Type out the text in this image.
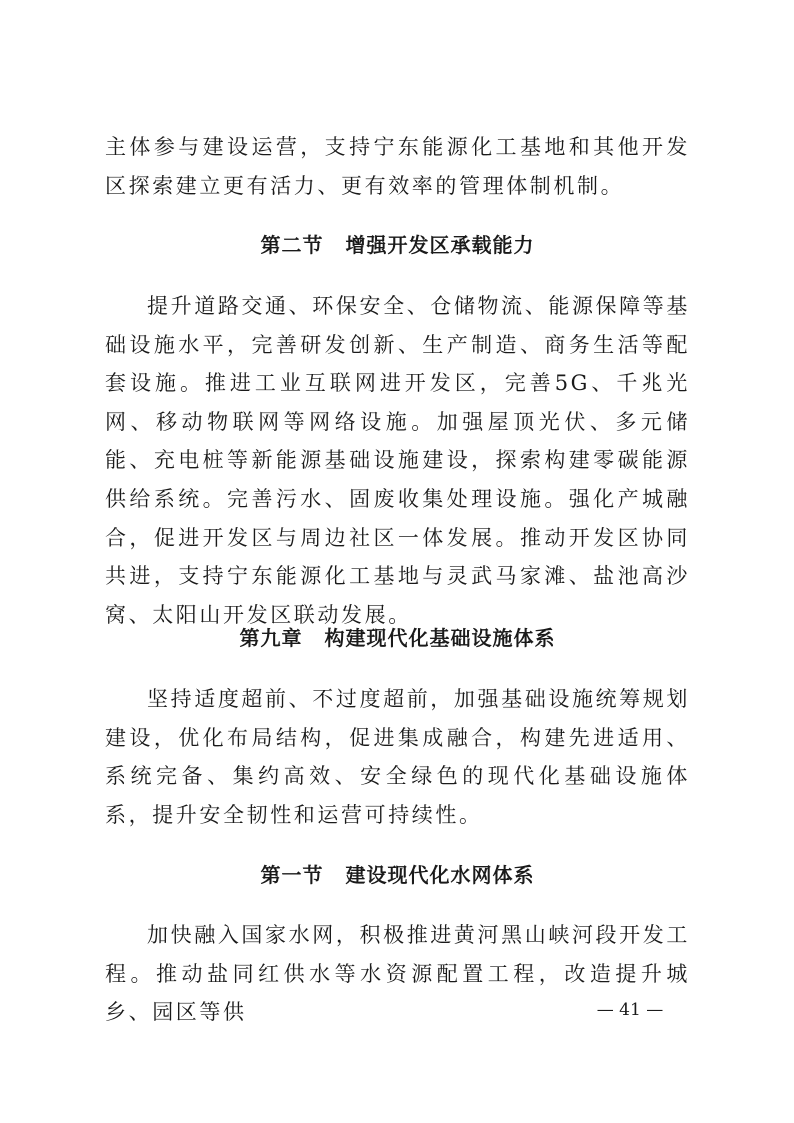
主体参与建设运营，支持宁东能源化工基地和其他开发区探索建立更有活力、更有效率的管理体制机制。

第二节 增强开发区承载能力

提升道路交通、环保安全、仓储物流、能源保障等基础设施水平，完善研发创新、生产制造、商务生活等配套设施。推进工业互联网进开发区，完善5G、千兆光网、移动物联网等网络设施。加强屋顶光伏、多元储能、充电桩等新能源基础设施建设，探索构建零碳能源供给系统。完善污水、固废收集处理设施。强化产城融合，促进开发区与周边社区一体发展。推动开发区协同共进，支持宁东能源化工基地与灵武马家滩、盐池高沙窝、太阳山开发区联动发展。

第九章 构建现代化基础设施体系

坚持适度超前、不过度超前，加强基础设施统筹规划建设，优化布局结构，促进集成融合，构建先进适用、系统完备、集约高效、安全绿色的现代化基础设施体系，提升安全韧性和运营可持续性。

第一节 建设现代化水网体系

加快融入国家水网，积极推进黄河黑山峡河段开发工程。推动盐同红供水等水资源配置工程，改造提升城乡、园区等供	— 41 —
